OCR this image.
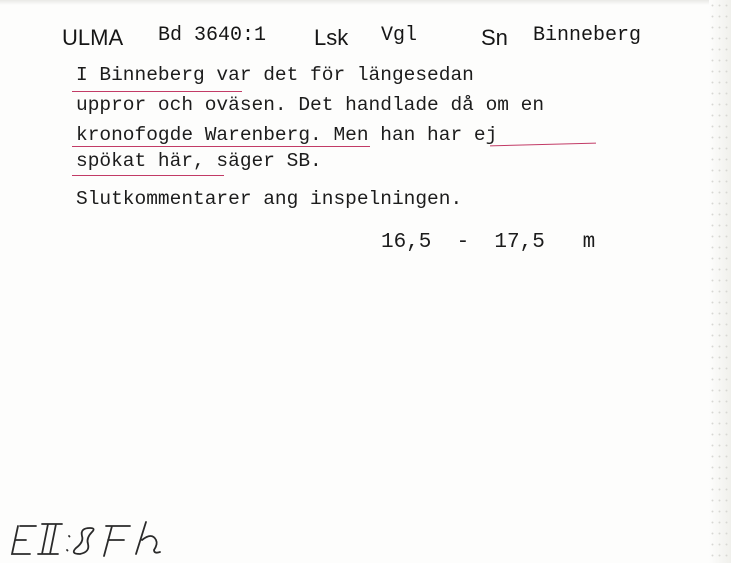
ULMA Bd 3640:1 Lsk Vgl	Sn Binneberg
I Binneberg var det för längesedan
uppror och oväsen. Det handlade då om en
kronofogde Warenberg. Men han har ej
spökat här, säger SB.
Slutkommentarer ang inspelningen.
16,5  -  17,5   m
